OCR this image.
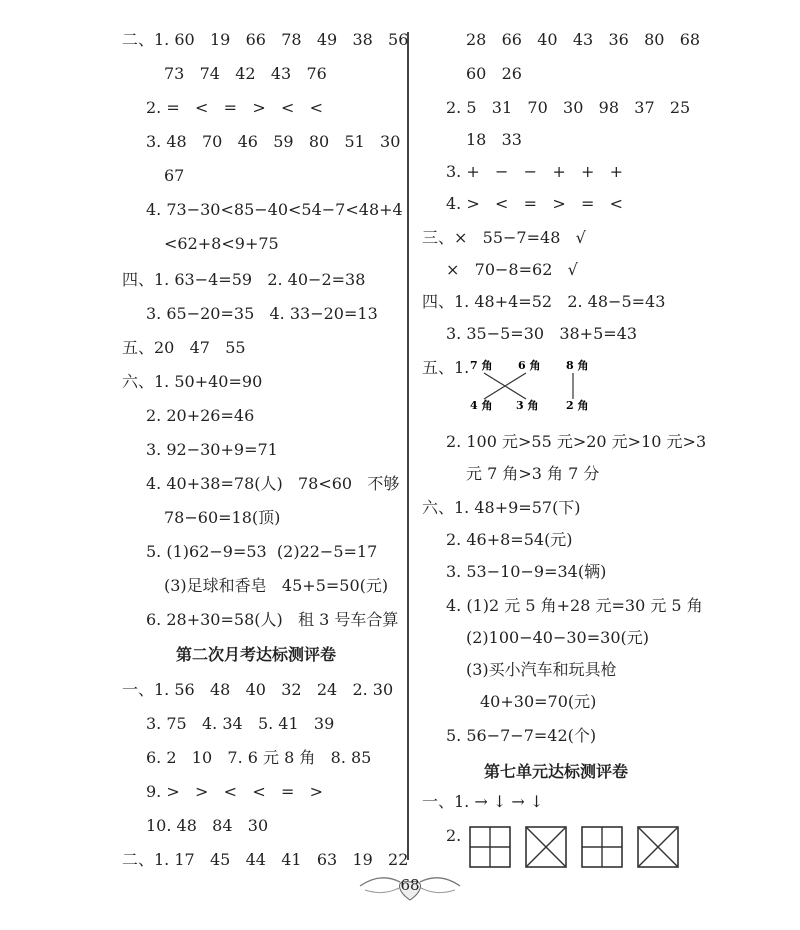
二、1. 60   19   66   78   49   38   56
73   74   42   43   76
2. =   <   =   >   <   <
3. 48   70   46   59   80   51   30
67
4. 73−30<85−40<54−7<48+4
<62+8<9+75
四、1. 63−4=59   2. 40−2=38
3. 65−20=35   4. 33−20=13
五、20   47   55
六、1. 50+40=90
2. 20+26=46
3. 92−30+9=71
4. 40+38=78(人)   78<60   不够
78−60=18(顶)
5. (1)62−9=53  (2)22−5=17
(3)足球和香皂   45+5=50(元)
6. 28+30=58(人)   租 3 号车合算
第二次月考达标测评卷
一、1. 56   48   40   32   24   2. 30
3. 75   4. 34   5. 41   39
6. 2   10   7. 6 元 8 角   8. 85
9. >   >   <   <   =   >
10. 48   84   30
二、1. 17   45   44   41   63   19   22
28   66   40   43   36   80   68
60   26
2. 5   31   70   30   98   37   25
18   33
3. +   −   −   +   +   +
4. >   <   =   >   =   <
三、×   55−7=48   √
×   70−8=62   √
四、1. 48+4=52   2. 48−5=43
3. 35−5=30   38+5=43
五、1. 7 角 6 角
4 角 3 角
8 角
2 角
2. 100 元>55 元>20 元>10 元>3
元 7 角>3 角 7 分
六、1. 48+9=57(下)
2. 46+8=54(元)
3. 53−10−9=34(辆)
4. (1)2 元 5 角+28 元=30 元 5 角
(2)100−40−30=30(元)
(3)买小汽车和玩具枪
40+30=70(元)
5. 56−7−7=42(个)
第七单元达标测评卷
一、1. → ↓ → ↓
2.
68
